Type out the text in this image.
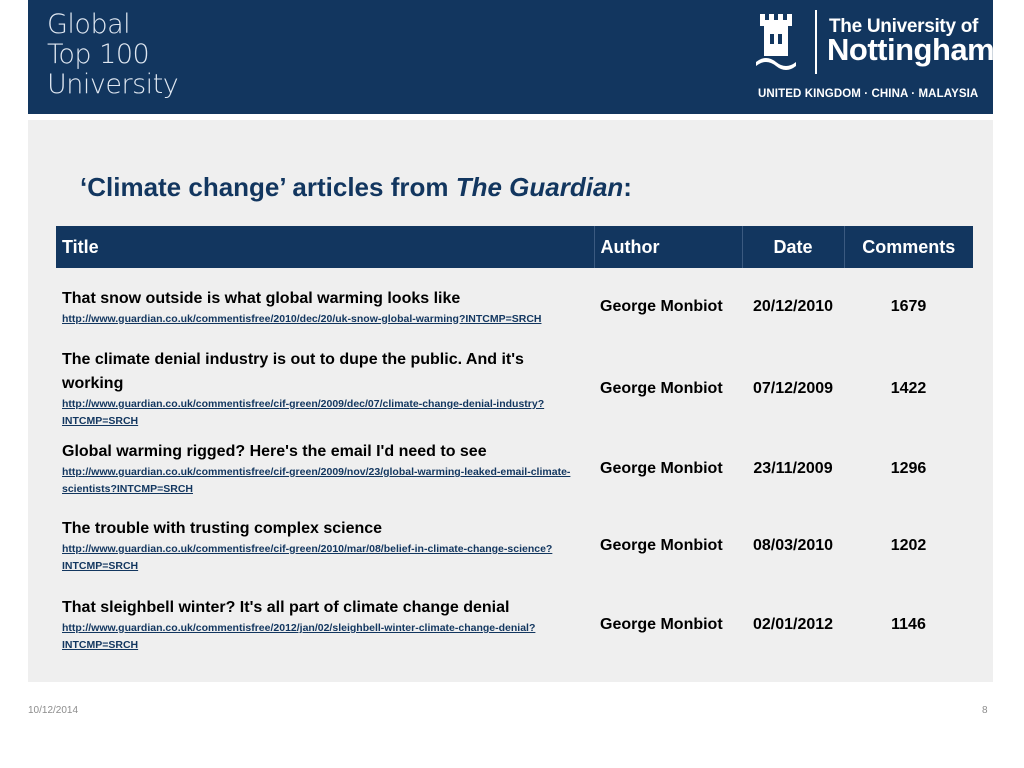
Global
Top 100
University
The University of
Nottingham
UNITED KINGDOM · CHINA · MALAYSIA
‘Climate change’ articles from The Guardian:
Title	Author	Date	Comments

That snow outside is what global warming looks like
http://www.guardian.co.uk/commentisfree/2010/dec/20/uk-snow-global-warming?INTCMP=SRCH	George Monbiot	20/12/2010	1679

The climate denial industry is out to dupe the public. And it's working
http://www.guardian.co.uk/commentisfree/cif-green/2009/dec/07/climate-change-denial-industry?INTCMP=SRCH	George Monbiot	07/12/2009	1422

Global warming rigged? Here's the email I'd need to see
http://www.guardian.co.uk/commentisfree/cif-green/2009/nov/23/global-warming-leaked-email-climate-scientists?INTCMP=SRCH	George Monbiot	23/11/2009	1296

The trouble with trusting complex science
http://www.guardian.co.uk/commentisfree/cif-green/2010/mar/08/belief-in-climate-change-science?INTCMP=SRCH	George Monbiot	08/03/2010	1202

That sleighbell winter? It's all part of climate change denial
http://www.guardian.co.uk/commentisfree/2012/jan/02/sleighbell-winter-climate-change-denial?INTCMP=SRCH	George Monbiot	02/01/2012	1146
10/12/2014	8
